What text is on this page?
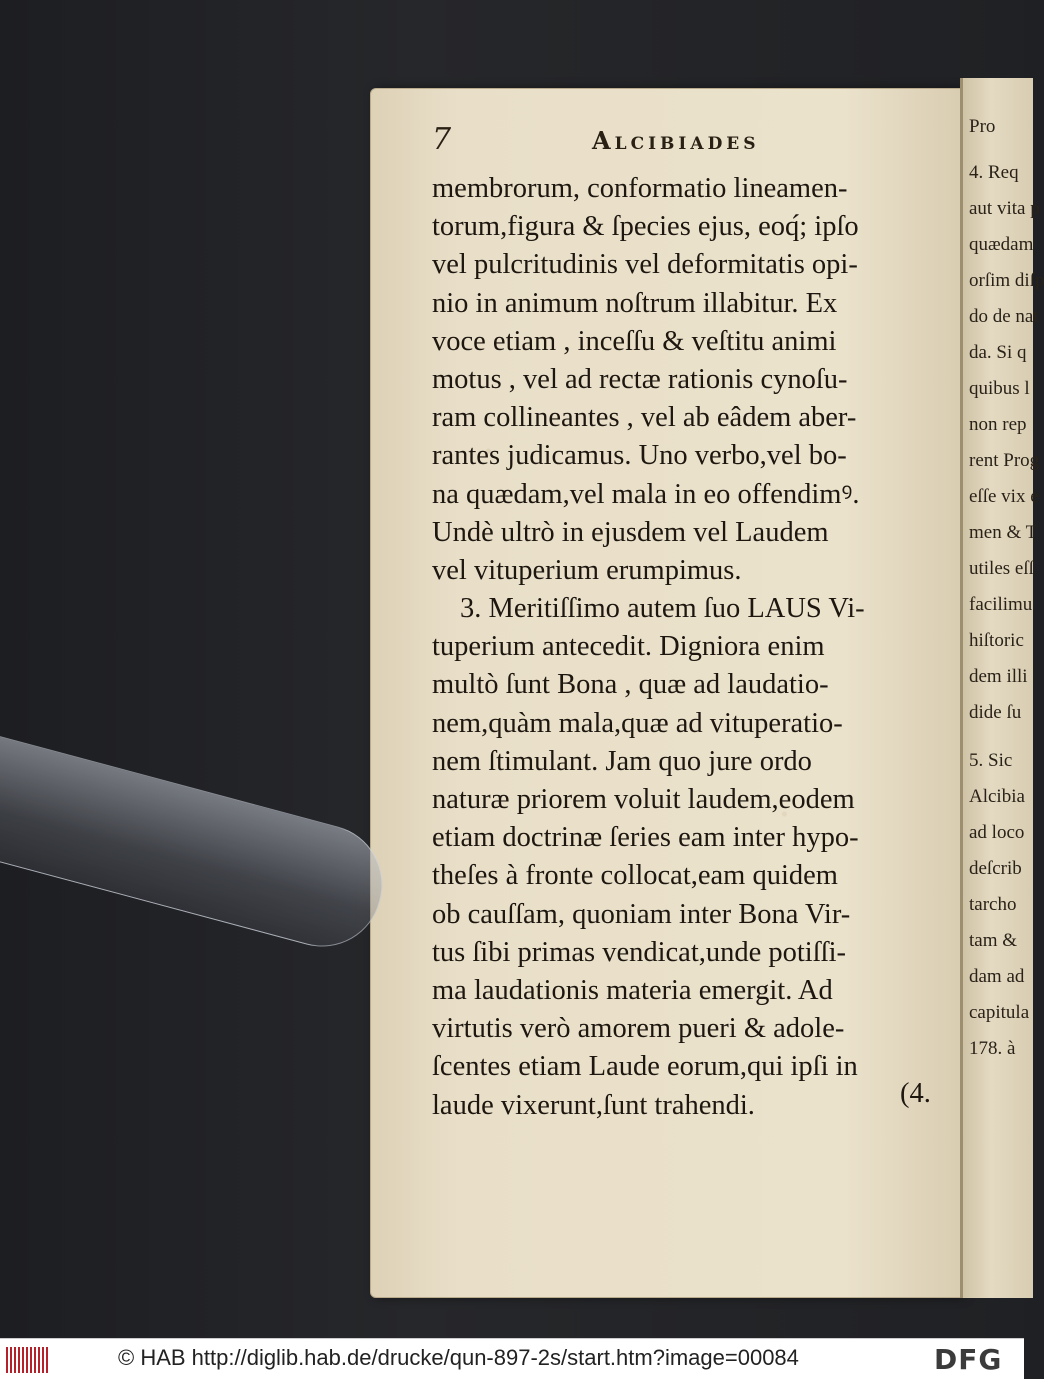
Pro
4. Req
aut vita p
quædam
orſim diſp
do de nat
da. Si q
quibus l
non rep
rent Prog
eſſe vix e
men & T
utiles eſſ
facilimu
hiſtoric
dem illi
dide ſu
5. Sic
Alcibia
ad loco
deſcrib
tarcho
tam &
dam ad
capitula
178. à
7	Alcibiades
membrorum, conformatio lineamen-
torum,figura & ſpecies ejus, eoq́; ipſo
vel pulcritudinis vel deformitatis opi-
nio in animum noſtrum illabitur. Ex
voce etiam , inceſſu & veſtitu animi
motus , vel ad rectæ rationis cynoſu-
ram collineantes , vel ab eâdem aber-
rantes judicamus. Uno verbo,vel bo-
na quædam,vel mala in eo offendimꝰ.
Undè ultrò in ejusdem vel Laudem
vel vituperium erumpimus.
3. Meritiſſimo autem ſuo LAUS Vi-
tuperium antecedit. Digniora enim
multò ſunt Bona , quæ ad laudatio-
nem,quàm mala,quæ ad vituperatio-
nem ſtimulant. Jam quo jure ordo
naturæ priorem voluit laudem,eodem
etiam doctrinæ ſeries eam inter hypo-
theſes à fronte collocat,eam quidem
ob cauſſam, quoniam inter Bona Vir-
tus ſibi primas vendicat,unde potiſſi-
ma laudationis materia emergit. Ad
virtutis verò amorem pueri & adole-
ſcentes etiam Laude eorum,qui ipſi in
laude vixerunt,ſunt trahendi.	(4.
© HAB http://diglib.hab.de/drucke/qun-897-2s/start.htm?image=00084	DFG
